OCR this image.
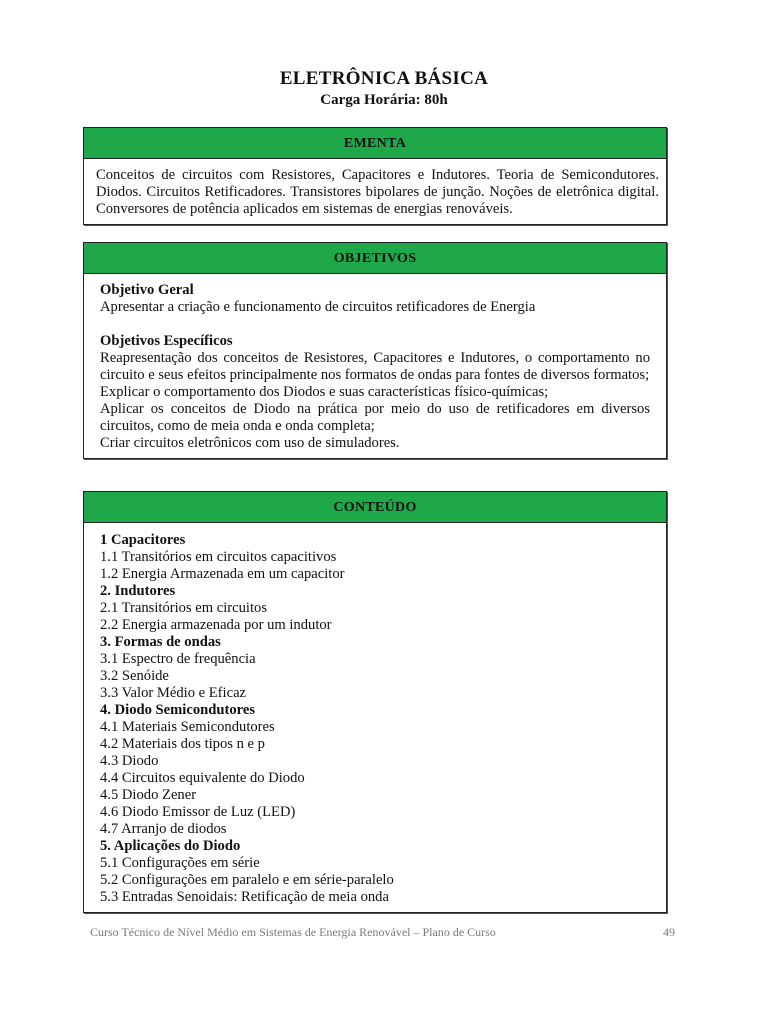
ELETRÔNICA BÁSICA
Carga Horária: 80h
EMENTA
Conceitos de circuitos com Resistores, Capacitores e Indutores. Teoria de Semicondutores. Diodos. Circuitos Retificadores. Transistores bipolares de junção. Noções de eletrônica digital. Conversores de potência aplicados em sistemas de energias renováveis.
OBJETIVOS
Objetivo Geral
Apresentar a criação e funcionamento de circuitos retificadores de Energia
Objetivos Específicos
Reapresentação dos conceitos de Resistores, Capacitores e Indutores, o comportamento no circuito e seus efeitos principalmente nos formatos de ondas para fontes de diversos formatos;
Explicar o comportamento dos Diodos e suas características físico-químicas;
Aplicar os conceitos de Diodo na prática por meio do uso de retificadores em diversos circuitos, como de meia onda e onda completa;
Criar circuitos eletrônicos com uso de simuladores.
CONTEÚDO
1 Capacitores
1.1 Transitórios em circuitos capacitivos
1.2 Energia Armazenada em um capacitor
2. Indutores
2.1 Transitórios em circuitos
2.2 Energia armazenada por um indutor
3. Formas de ondas
3.1 Espectro de frequência
3.2 Senóide
3.3 Valor Médio e Eficaz
4. Diodo Semicondutores
4.1 Materiais Semicondutores
4.2 Materiais dos tipos n e p
4.3 Diodo
4.4 Circuitos equivalente do Diodo
4.5 Diodo Zener
4.6 Diodo Emissor de Luz (LED)
4.7 Arranjo de diodos
5. Aplicações do Diodo
5.1 Configurações em série
5.2 Configurações em paralelo e em série-paralelo
5.3 Entradas Senoidais: Retificação de meia onda
Curso Técnico de Nível Médio em Sistemas de Energia Renovável – Plano de Curso	49
